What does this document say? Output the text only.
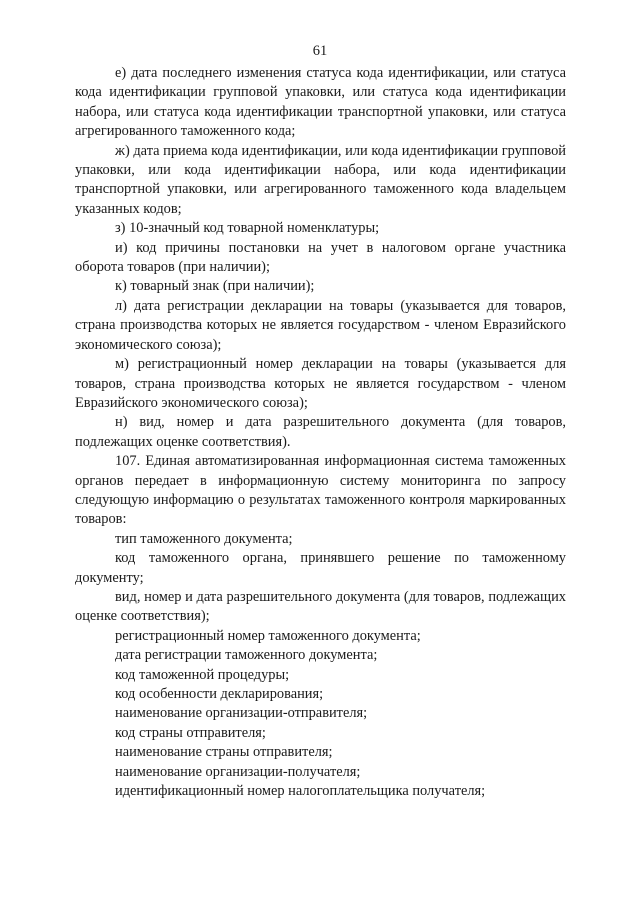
61

е) дата последнего изменения статуса кода идентификации, или статуса кода идентификации групповой упаковки, или статуса кода идентификации набора, или статуса кода идентификации транспортной упаковки, или статуса агрегированного таможенного кода;

ж) дата приема кода идентификации, или кода идентификации групповой упаковки, или кода идентификации набора, или кода идентификации транспортной упаковки, или агрегированного таможенного кода владельцем указанных кодов;

з) 10-значный код товарной номенклатуры;

и) код причины постановки на учет в налоговом органе участника оборота товаров (при наличии);

к) товарный знак (при наличии);

л) дата регистрации декларации на товары (указывается для товаров, страна производства которых не является государством - членом Евразийского экономического союза);

м) регистрационный номер декларации на товары (указывается для товаров, страна производства которых не является государством - членом Евразийского экономического союза);

н) вид, номер и дата разрешительного документа (для товаров, подлежащих оценке соответствия).

107. Единая автоматизированная информационная система таможенных органов передает в информационную систему мониторинга по запросу следующую информацию о результатах таможенного контроля маркированных товаров:

тип таможенного документа;

код таможенного органа, принявшего решение по таможенному документу;

вид, номер и дата разрешительного документа (для товаров, подлежащих оценке соответствия);

регистрационный номер таможенного документа;

дата регистрации таможенного документа;

код таможенной процедуры;

код особенности декларирования;

наименование организации-отправителя;

код страны отправителя;

наименование страны отправителя;

наименование организации-получателя;

идентификационный номер налогоплательщика получателя;
